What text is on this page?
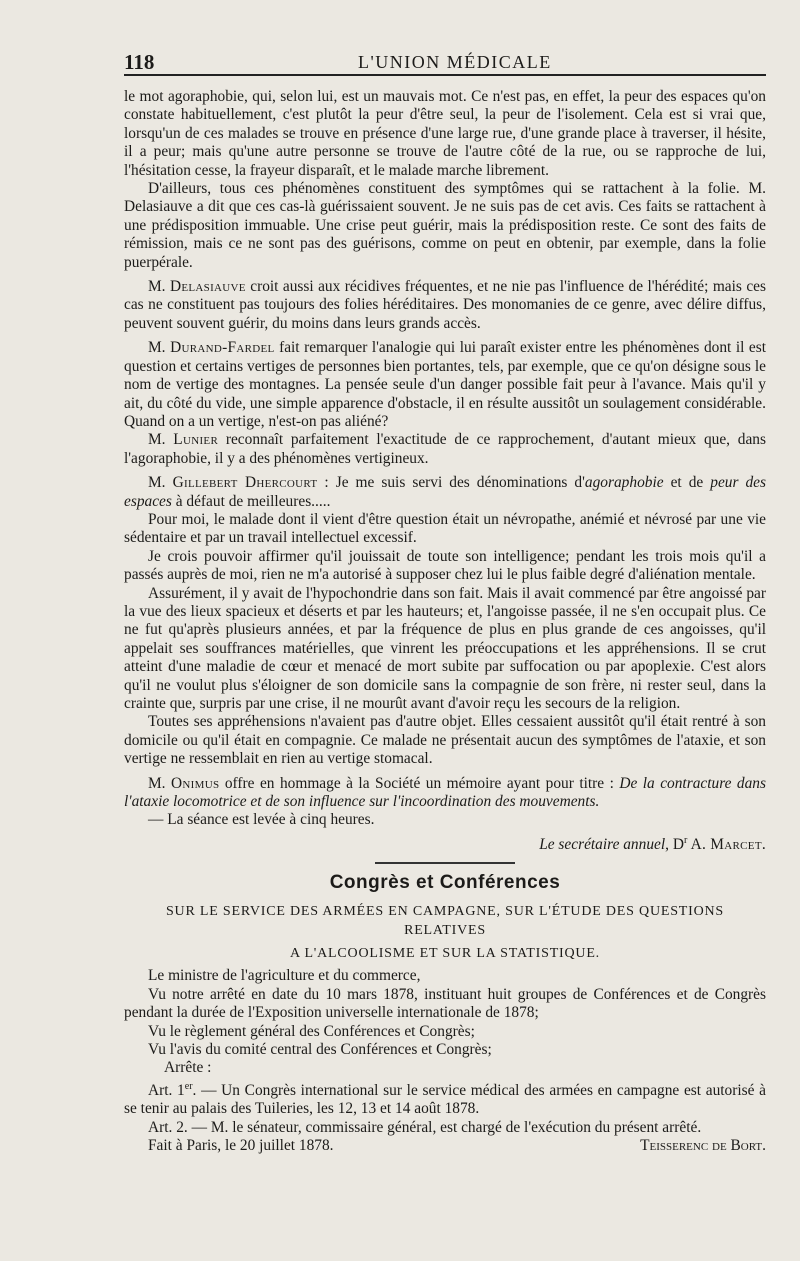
118	L'UNION MÉDICALE

le mot agoraphobie, qui, selon lui, est un mauvais mot. Ce n'est pas, en effet, la peur des espaces qu'on constate habituellement, c'est plutôt la peur d'être seul, la peur de l'isolement. Cela est si vrai que, lorsqu'un de ces malades se trouve en présence d'une large rue, d'une grande place à traverser, il hésite, il a peur; mais qu'une autre personne se trouve de l'autre côté de la rue, ou se rapproche de lui, l'hésitation cesse, la frayeur disparaît, et le malade marche librement.

D'ailleurs, tous ces phénomènes constituent des symptômes qui se rattachent à la folie. M. Delasiauve a dit que ces cas-là guérissaient souvent. Je ne suis pas de cet avis. Ces faits se rattachent à une prédisposition immuable. Une crise peut guérir, mais la prédisposition reste. Ce sont des faits de rémission, mais ce ne sont pas des guérisons, comme on peut en obtenir, par exemple, dans la folie puerpérale.

M. Delasiauve croit aussi aux récidives fréquentes, et ne nie pas l'influence de l'hérédité; mais ces cas ne constituent pas toujours des folies héréditaires. Des monomanies de ce genre, avec délire diffus, peuvent souvent guérir, du moins dans leurs grands accès.

M. Durand-Fardel fait remarquer l'analogie qui lui paraît exister entre les phénomènes dont il est question et certains vertiges de personnes bien portantes, tels, par exemple, que ce qu'on désigne sous le nom de vertige des montagnes. La pensée seule d'un danger possible fait peur à l'avance. Mais qu'il y ait, du côté du vide, une simple apparence d'obstacle, il en résulte aussitôt un soulagement considérable. Quand on a un vertige, n'est-on pas aliéné?

M. Lunier reconnaît parfaitement l'exactitude de ce rapprochement, d'autant mieux que, dans l'agoraphobie, il y a des phénomènes vertigineux.

M. Gillebert Dhercourt : Je me suis servi des dénominations d'agoraphobie et de peur des espaces à défaut de meilleures.....

Pour moi, le malade dont il vient d'être question était un névropathe, anémié et névrosé par une vie sédentaire et par un travail intellectuel excessif.

Je crois pouvoir affirmer qu'il jouissait de toute son intelligence; pendant les trois mois qu'il a passés auprès de moi, rien ne m'a autorisé à supposer chez lui le plus faible degré d'aliénation mentale.

Assurément, il y avait de l'hypochondrie dans son fait. Mais il avait commencé par être angoissé par la vue des lieux spacieux et déserts et par les hauteurs; et, l'angoisse passée, il ne s'en occupait plus. Ce ne fut qu'après plusieurs années, et par la fréquence de plus en plus grande de ces angoisses, qu'il appelait ses souffrances matérielles, que vinrent les préoccupations et les appréhensions. Il se crut atteint d'une maladie de cœur et menacé de mort subite par suffocation ou par apoplexie. C'est alors qu'il ne voulut plus s'éloigner de son domicile sans la compagnie de son frère, ni rester seul, dans la crainte que, surpris par une crise, il ne mourût avant d'avoir reçu les secours de la religion.

Toutes ses appréhensions n'avaient pas d'autre objet. Elles cessaient aussitôt qu'il était rentré à son domicile ou qu'il était en compagnie. Ce malade ne présentait aucun des symptômes de l'ataxie, et son vertige ne ressemblait en rien au vertige stomacal.

M. Onimus offre en hommage à la Société un mémoire ayant pour titre : De la contracture dans l'ataxie locomotrice et de son influence sur l'incoordination des mouvements.

— La séance est levée à cinq heures.

Le secrétaire annuel, $D^r$ A. Marcet.
Congrès et Conférences
SUR LE SERVICE DES ARMÉES EN CAMPAGNE, SUR L'ÉTUDE DES QUESTIONS RELATIVES
A L'ALCOOLISME ET SUR LA STATISTIQUE.

Le ministre de l'agriculture et du commerce,

Vu notre arrêté en date du 10 mars 1878, instituant huit groupes de Conférences et de Congrès pendant la durée de l'Exposition universelle internationale de 1878;

Vu le règlement général des Conférences et Congrès;

Vu l'avis du comité central des Conférences et Congrès;

Arrête :

Art. 1er. — Un Congrès international sur le service médical des armées en campagne est autorisé à se tenir au palais des Tuileries, les 12, 13 et 14 août 1878.

Art. 2. — M. le sénateur, commissaire général, est chargé de l'exécution du présent arrêté.

Fait à Paris, le 20 juillet 1878.	Teisserenc de Bort.
